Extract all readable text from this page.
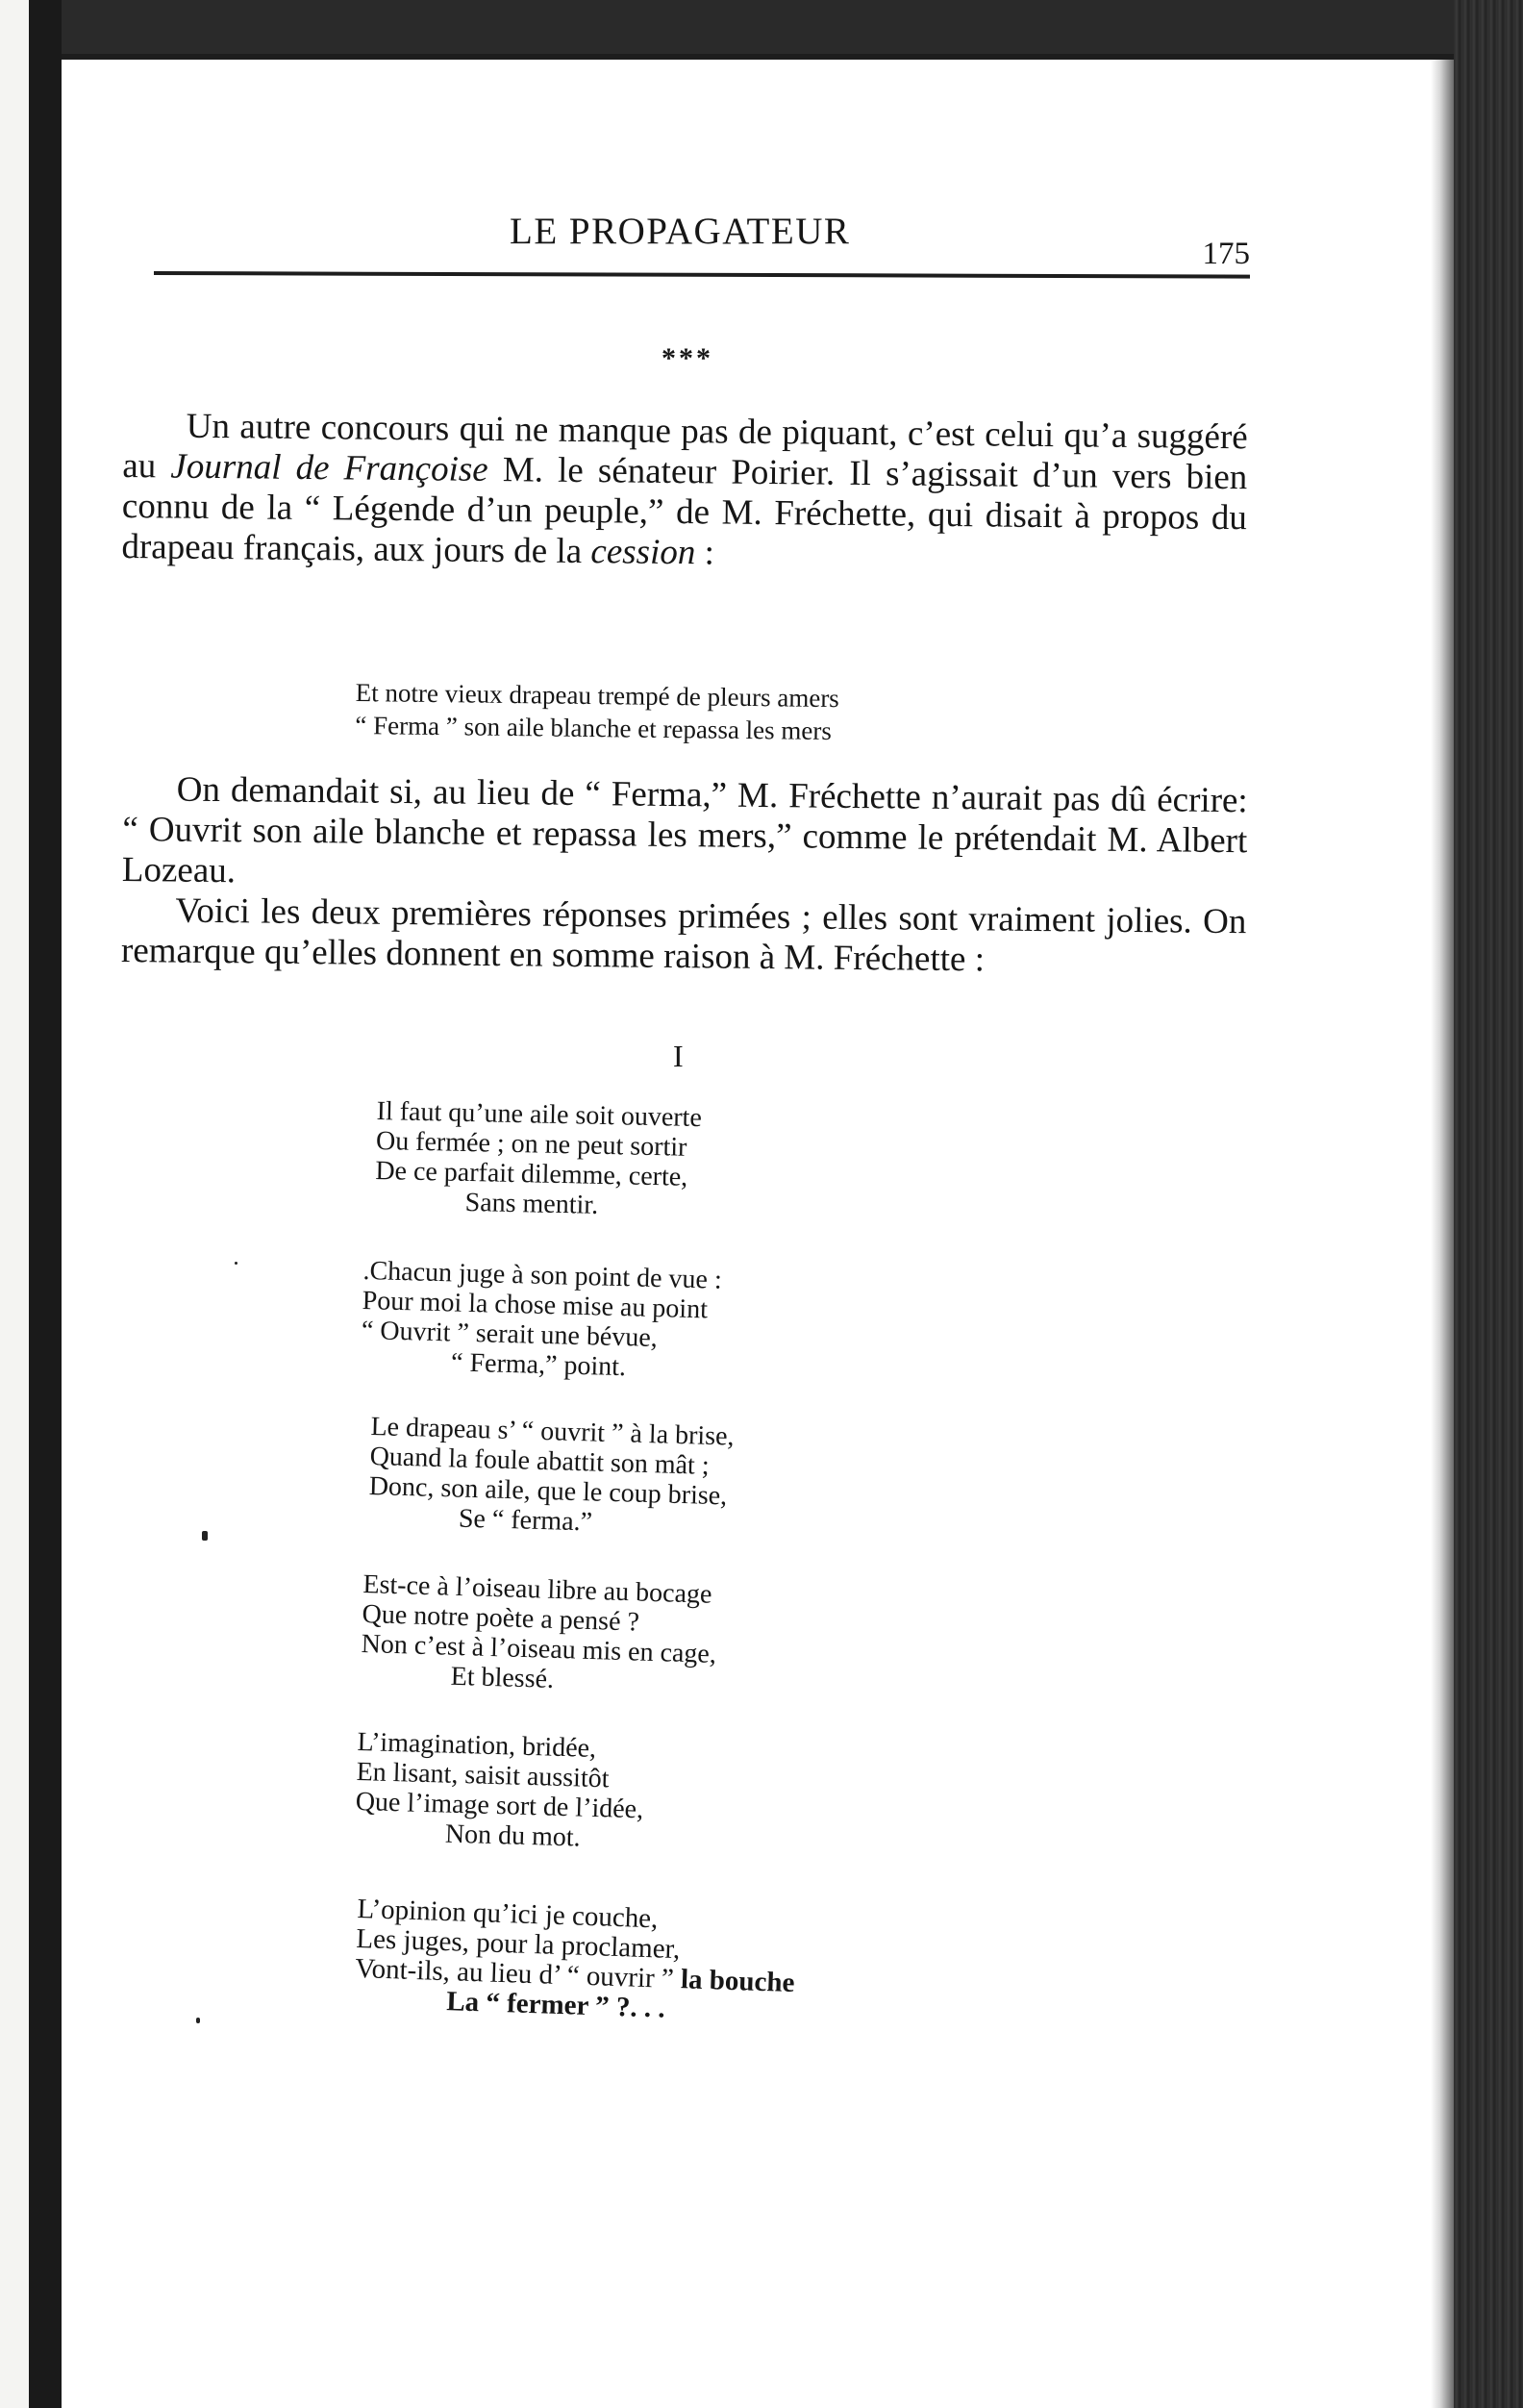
LE PROPAGATEUR
175
***

Un autre concours qui ne manque pas de piquant, c’est celui qu’a suggéré au Journal de Françoise M. le sénateur Poirier. Il s’agissait d’un vers bien connu de la “ Légende d’un peuple,” de M. Fréchette, qui disait à propos du drapeau français, aux jours de la cession :

Et notre vieux drapeau trempé de pleurs amers
“ Ferma ” son aile blanche et repassa les mers

On demandait si, au lieu de “ Ferma,” M. Fréchette n’aurait pas dû écrire: “ Ouvrit son aile blanche et repassa les mers,” comme le prétendait M. Albert Lozeau.

Voici les deux premières réponses primées ; elles sont vraiment jolies. On remarque qu’elles donnent en somme raison à M. Fréchette :

I
Il faut qu’une aile soit ouverte
Ou fermée ; on ne peut sortir
De ce parfait dilemme, certe,
Sans mentir.
.Chacun juge à son point de vue :
Pour moi la chose mise au point
“ Ouvrit ” serait une bévue,
“ Ferma,” point.
Le drapeau s’ “ ouvrit ” à la brise,
Quand la foule abattit son mât ;
Donc, son aile, que le coup brise,
Se “ ferma.”
Est-ce à l’oiseau libre au bocage
Que notre poète a pensé ?
Non c’est à l’oiseau mis en cage,
Et blessé.
L’imagination, bridée,
En lisant, saisit aussitôt
Que l’image sort de l’idée,
Non du mot.
L’opinion qu’ici je couche,
Les juges, pour la proclamer,
Vont-ils, au lieu d’ “ ouvrir ” la bouche
La “ fermer ” ?. . .
